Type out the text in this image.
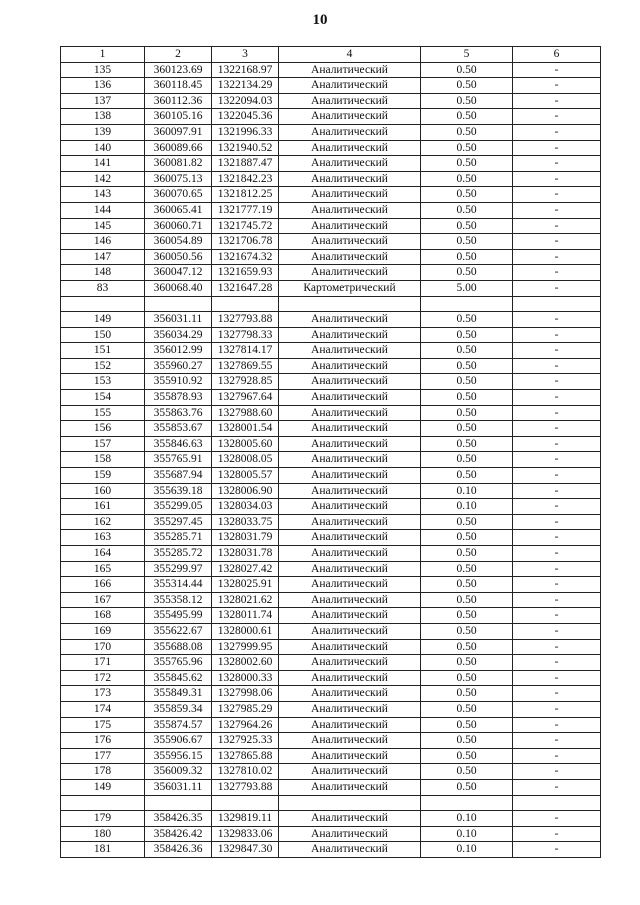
10
1	2	3	4	5	6
135	360123.69	1322168.97	Аналитический	0.50	-
136	360118.45	1322134.29	Аналитический	0.50	-
137	360112.36	1322094.03	Аналитический	0.50	-
138	360105.16	1322045.36	Аналитический	0.50	-
139	360097.91	1321996.33	Аналитический	0.50	-
140	360089.66	1321940.52	Аналитический	0.50	-
141	360081.82	1321887.47	Аналитический	0.50	-
142	360075.13	1321842.23	Аналитический	0.50	-
143	360070.65	1321812.25	Аналитический	0.50	-
144	360065.41	1321777.19	Аналитический	0.50	-
145	360060.71	1321745.72	Аналитический	0.50	-
146	360054.89	1321706.78	Аналитический	0.50	-
147	360050.56	1321674.32	Аналитический	0.50	-
148	360047.12	1321659.93	Аналитический	0.50	-
83	360068.40	1321647.28	Картометрический	5.00	-

149	356031.11	1327793.88	Аналитический	0.50	-
150	356034.29	1327798.33	Аналитический	0.50	-
151	356012.99	1327814.17	Аналитический	0.50	-
152	355960.27	1327869.55	Аналитический	0.50	-
153	355910.92	1327928.85	Аналитический	0.50	-
154	355878.93	1327967.64	Аналитический	0.50	-
155	355863.76	1327988.60	Аналитический	0.50	-
156	355853.67	1328001.54	Аналитический	0.50	-
157	355846.63	1328005.60	Аналитический	0.50	-
158	355765.91	1328008.05	Аналитический	0.50	-
159	355687.94	1328005.57	Аналитический	0.50	-
160	355639.18	1328006.90	Аналитический	0.10	-
161	355299.05	1328034.03	Аналитический	0.10	-
162	355297.45	1328033.75	Аналитический	0.50	-
163	355285.71	1328031.79	Аналитический	0.50	-
164	355285.72	1328031.78	Аналитический	0.50	-
165	355299.97	1328027.42	Аналитический	0.50	-
166	355314.44	1328025.91	Аналитический	0.50	-
167	355358.12	1328021.62	Аналитический	0.50	-
168	355495.99	1328011.74	Аналитический	0.50	-
169	355622.67	1328000.61	Аналитический	0.50	-
170	355688.08	1327999.95	Аналитический	0.50	-
171	355765.96	1328002.60	Аналитический	0.50	-
172	355845.62	1328000.33	Аналитический	0.50	-
173	355849.31	1327998.06	Аналитический	0.50	-
174	355859.34	1327985.29	Аналитический	0.50	-
175	355874.57	1327964.26	Аналитический	0.50	-
176	355906.67	1327925.33	Аналитический	0.50	-
177	355956.15	1327865.88	Аналитический	0.50	-
178	356009.32	1327810.02	Аналитический	0.50	-
149	356031.11	1327793.88	Аналитический	0.50	-

179	358426.35	1329819.11	Аналитический	0.10	-
180	358426.42	1329833.06	Аналитический	0.10	-
181	358426.36	1329847.30	Аналитический	0.10	-
